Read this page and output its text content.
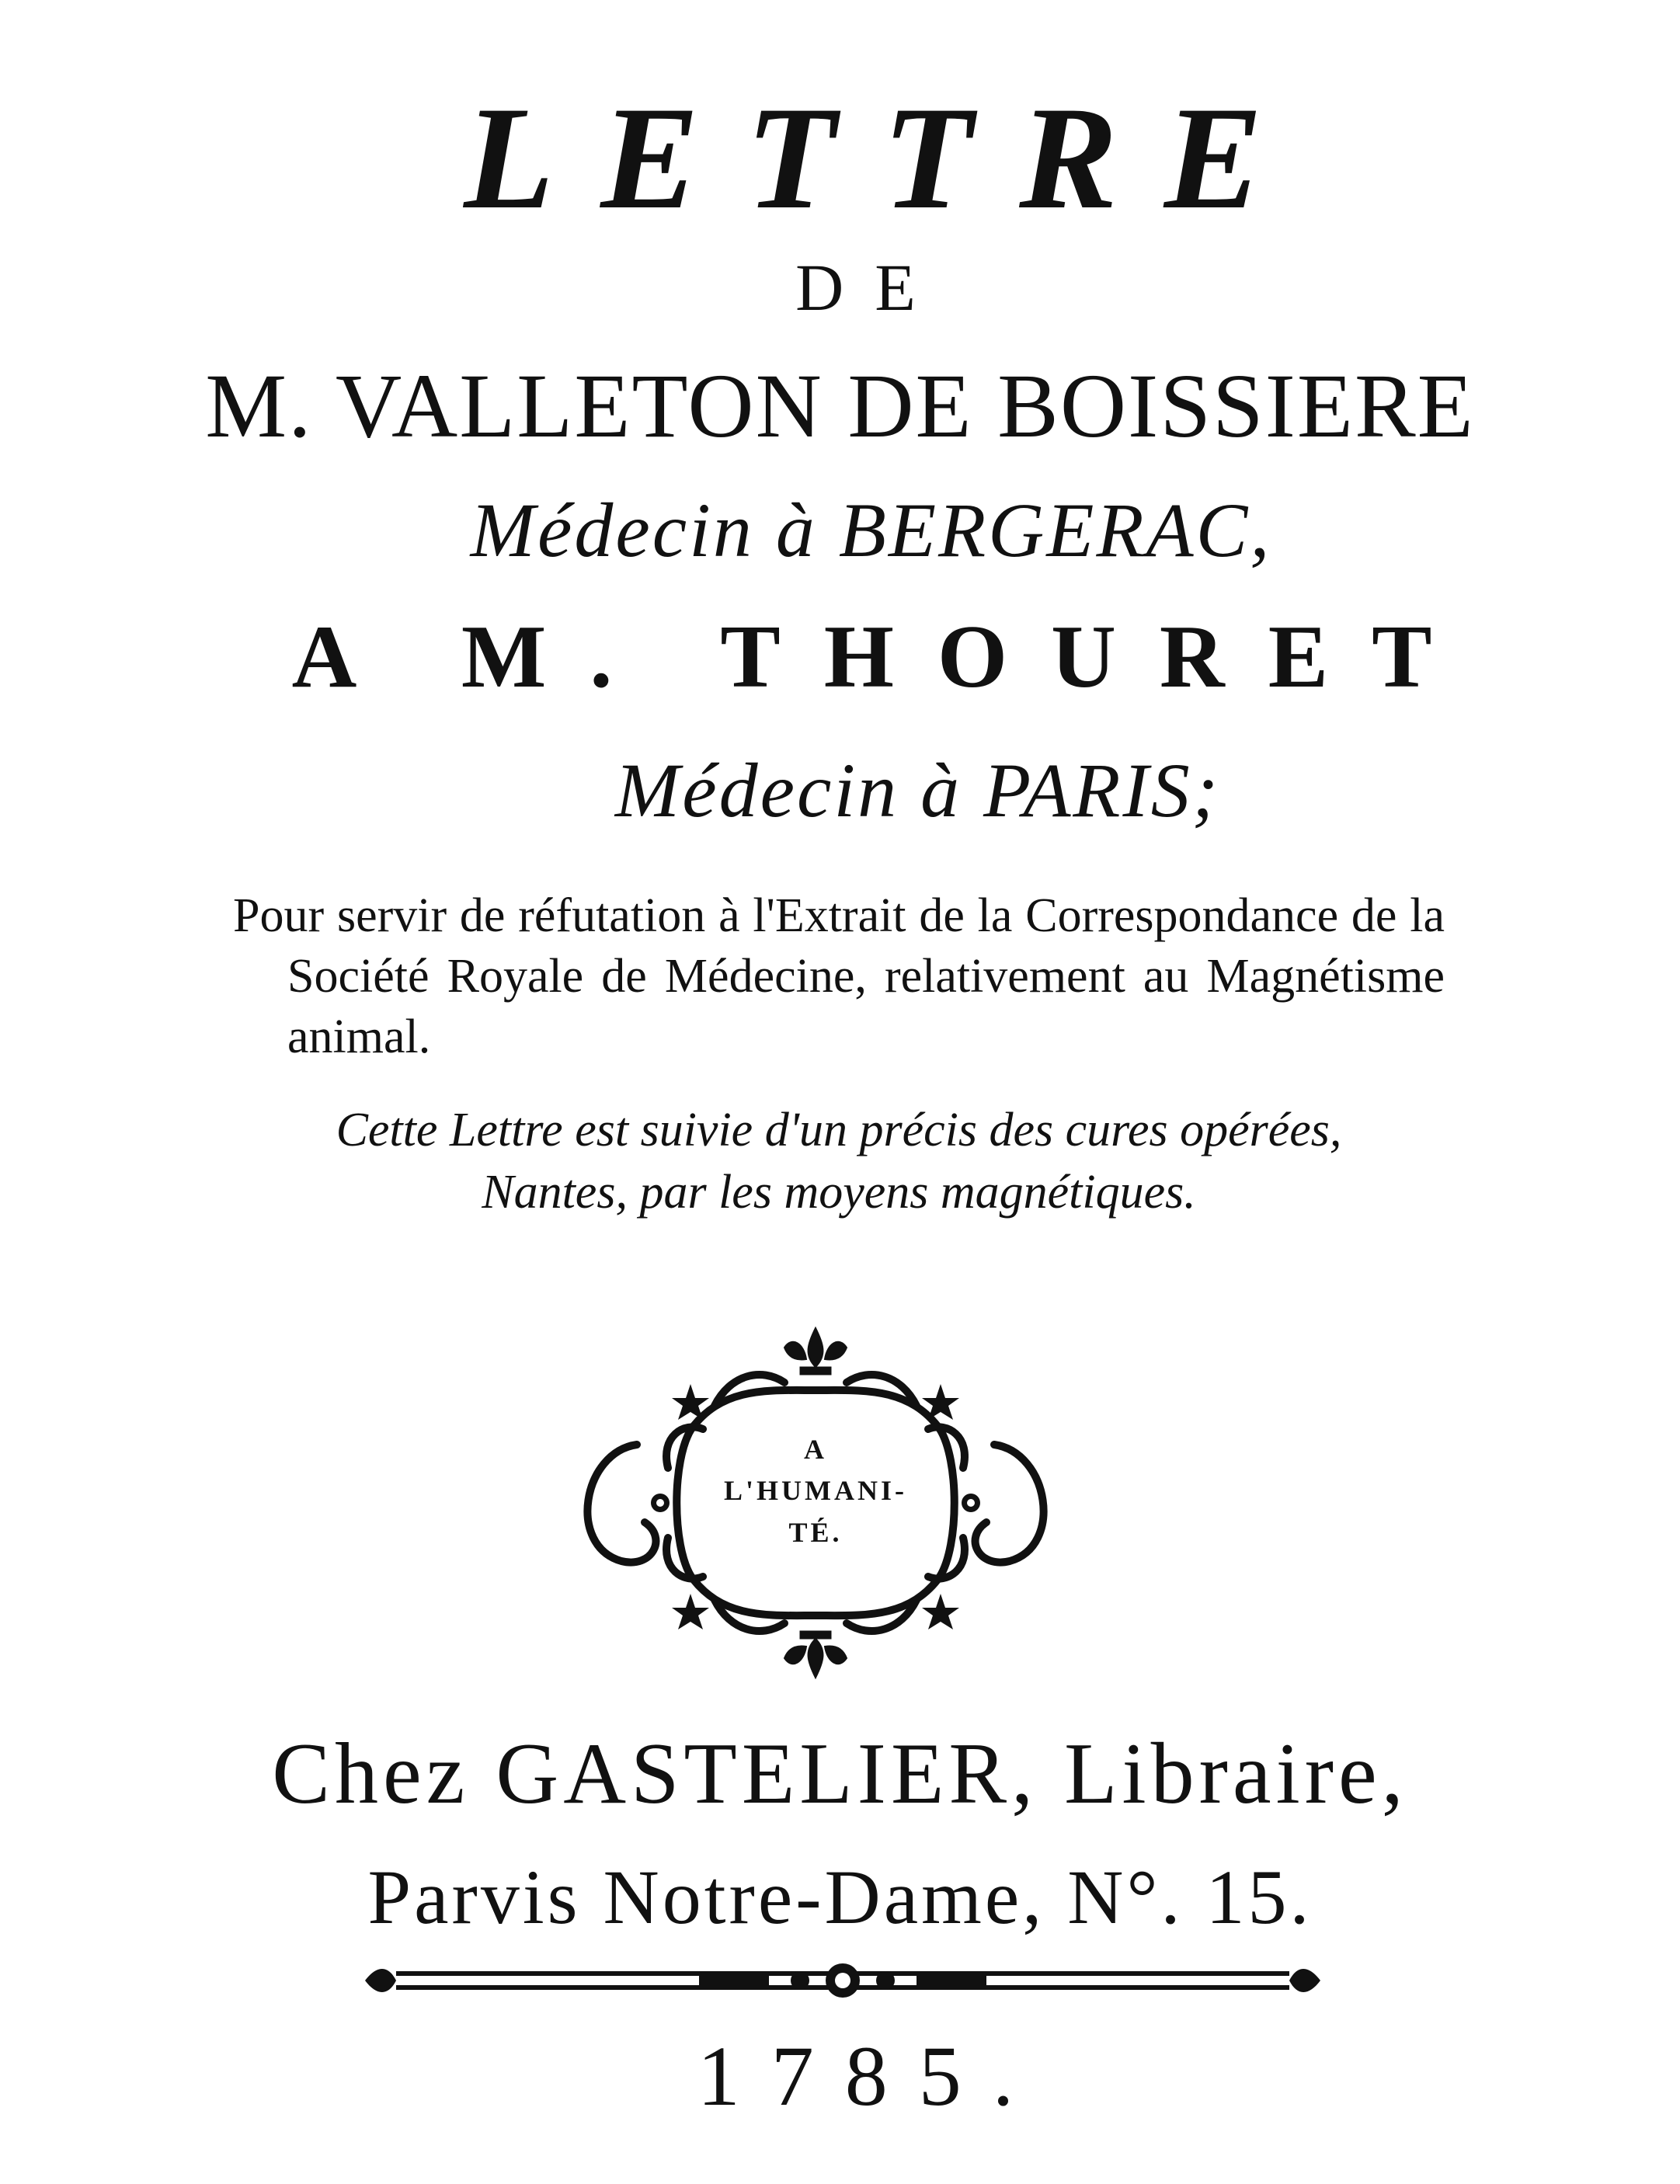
LETTRE
DE
M. VALLETON DE BOISSIERE
Médecin à BERGERAC,
A M. THOURET
Médecin à PARIS;
Pour servir de réfutation à l'Extrait de la Correspondance de la Société Royale de Médecine, relativement au Magnétisme animal.
Cette Lettre est suivie d'un précis des cures opérées,
Nantes, par les moyens magnétiques.
A
L'HUMANI-
TÉ.
Chez GASTELIER, Libraire,
Parvis Notre-Dame, N°. 15.
1785.
